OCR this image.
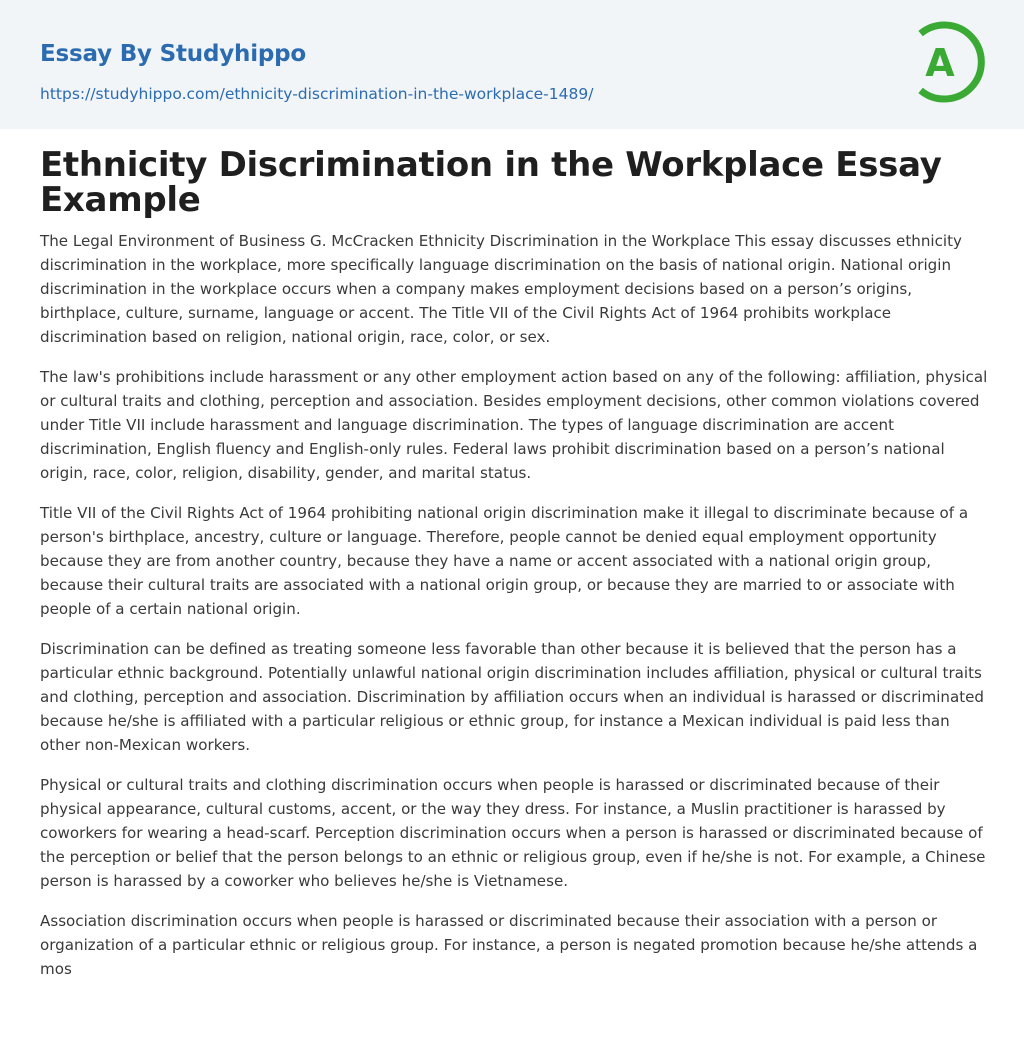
Essay By Studyhippo
https://studyhippo.com/ethnicity-discrimination-in-the-workplace-1489/
A
Ethnicity Discrimination in the Workplace Essay Example

The Legal Environment of Business G. McCracken Ethnicity Discrimination in the Workplace This essay discusses ethnicity discrimination in the workplace, more specifically language discrimination on the basis of national origin. National origin discrimination in the workplace occurs when a company makes employment decisions based on a person’s origins, birthplace, culture, surname, language or accent. The Title VII of the Civil Rights Act of 1964 prohibits workplace discrimination based on religion, national origin, race, color, or sex.

The law's prohibitions include harassment or any other employment action based on any of the following: affiliation, physical or cultural traits and clothing, perception and association. Besides employment decisions, other common violations covered under Title VII include harassment and language discrimination. The types of language discrimination are accent discrimination, English fluency and English-only rules. Federal laws prohibit discrimination based on a person’s national origin, race, color, religion, disability, gender, and marital status.

Title VII of the Civil Rights Act of 1964 prohibiting national origin discrimination make it illegal to discriminate because of a person's birthplace, ancestry, culture or language. Therefore, people cannot be denied equal employment opportunity because they are from another country, because they have a name or accent associated with a national origin group, because their cultural traits are associated with a national origin group, or because they are married to or associate with people of a certain national origin.

Discrimination can be defined as treating someone less favorable than other because it is believed that the person has a particular ethnic background. Potentially unlawful national origin discrimination includes affiliation, physical or cultural traits and clothing, perception and association. Discrimination by affiliation occurs when an individual is harassed or discriminated because he/she is affiliated with a particular religious or ethnic group, for instance a Mexican individual is paid less than other non-Mexican workers.

Physical or cultural traits and clothing discrimination occurs when people is harassed or discriminated because of their physical appearance, cultural customs, accent, or the way they dress. For instance, a Muslin practitioner is harassed by coworkers for wearing a head-scarf. Perception discrimination occurs when a person is harassed or discriminated because of the perception or belief that the person belongs to an ethnic or religious group, even if he/she is not. For example, a Chinese person is harassed by a coworker who believes he/she is Vietnamese.

Association discrimination occurs when people is harassed or discriminated because their association with a person or organization of a particular ethnic or religious group. For instance, a person is negated promotion because he/she attends a mos
